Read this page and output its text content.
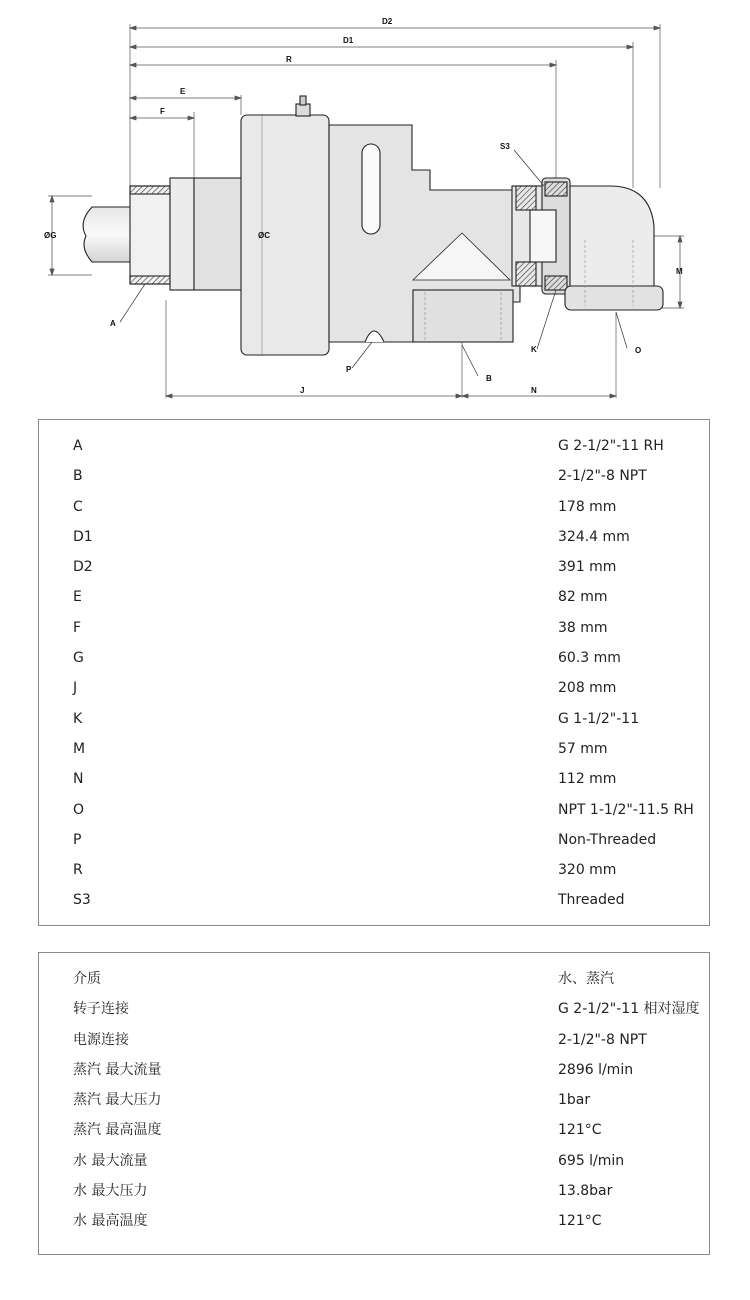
D2
D1
R
E
F
S3
ØG	ØC
M
A
P
B
K	O
J	N
A	G 2-1/2"-11 RH
B	2-1/2"-8 NPT
C	178 mm
D1	324.4 mm
D2	391 mm
E	82 mm
F	38 mm
G	60.3 mm
J	208 mm
K	G 1-1/2"-11
M	57 mm
N	112 mm
O	NPT 1-1/2"-11.5 RH
P	Non-Threaded
R	320 mm
S3	Threaded
介质	水、蒸汽
转子连接	G 2-1/2"-11 相对湿度
电源连接	2-1/2"-8 NPT
蒸汽 最大流量	2896 l/min
蒸汽 最大压力	1bar
蒸汽 最高温度	121°C
水 最大流量	695 l/min
水 最大压力	13.8bar
水 最高温度	121°C
